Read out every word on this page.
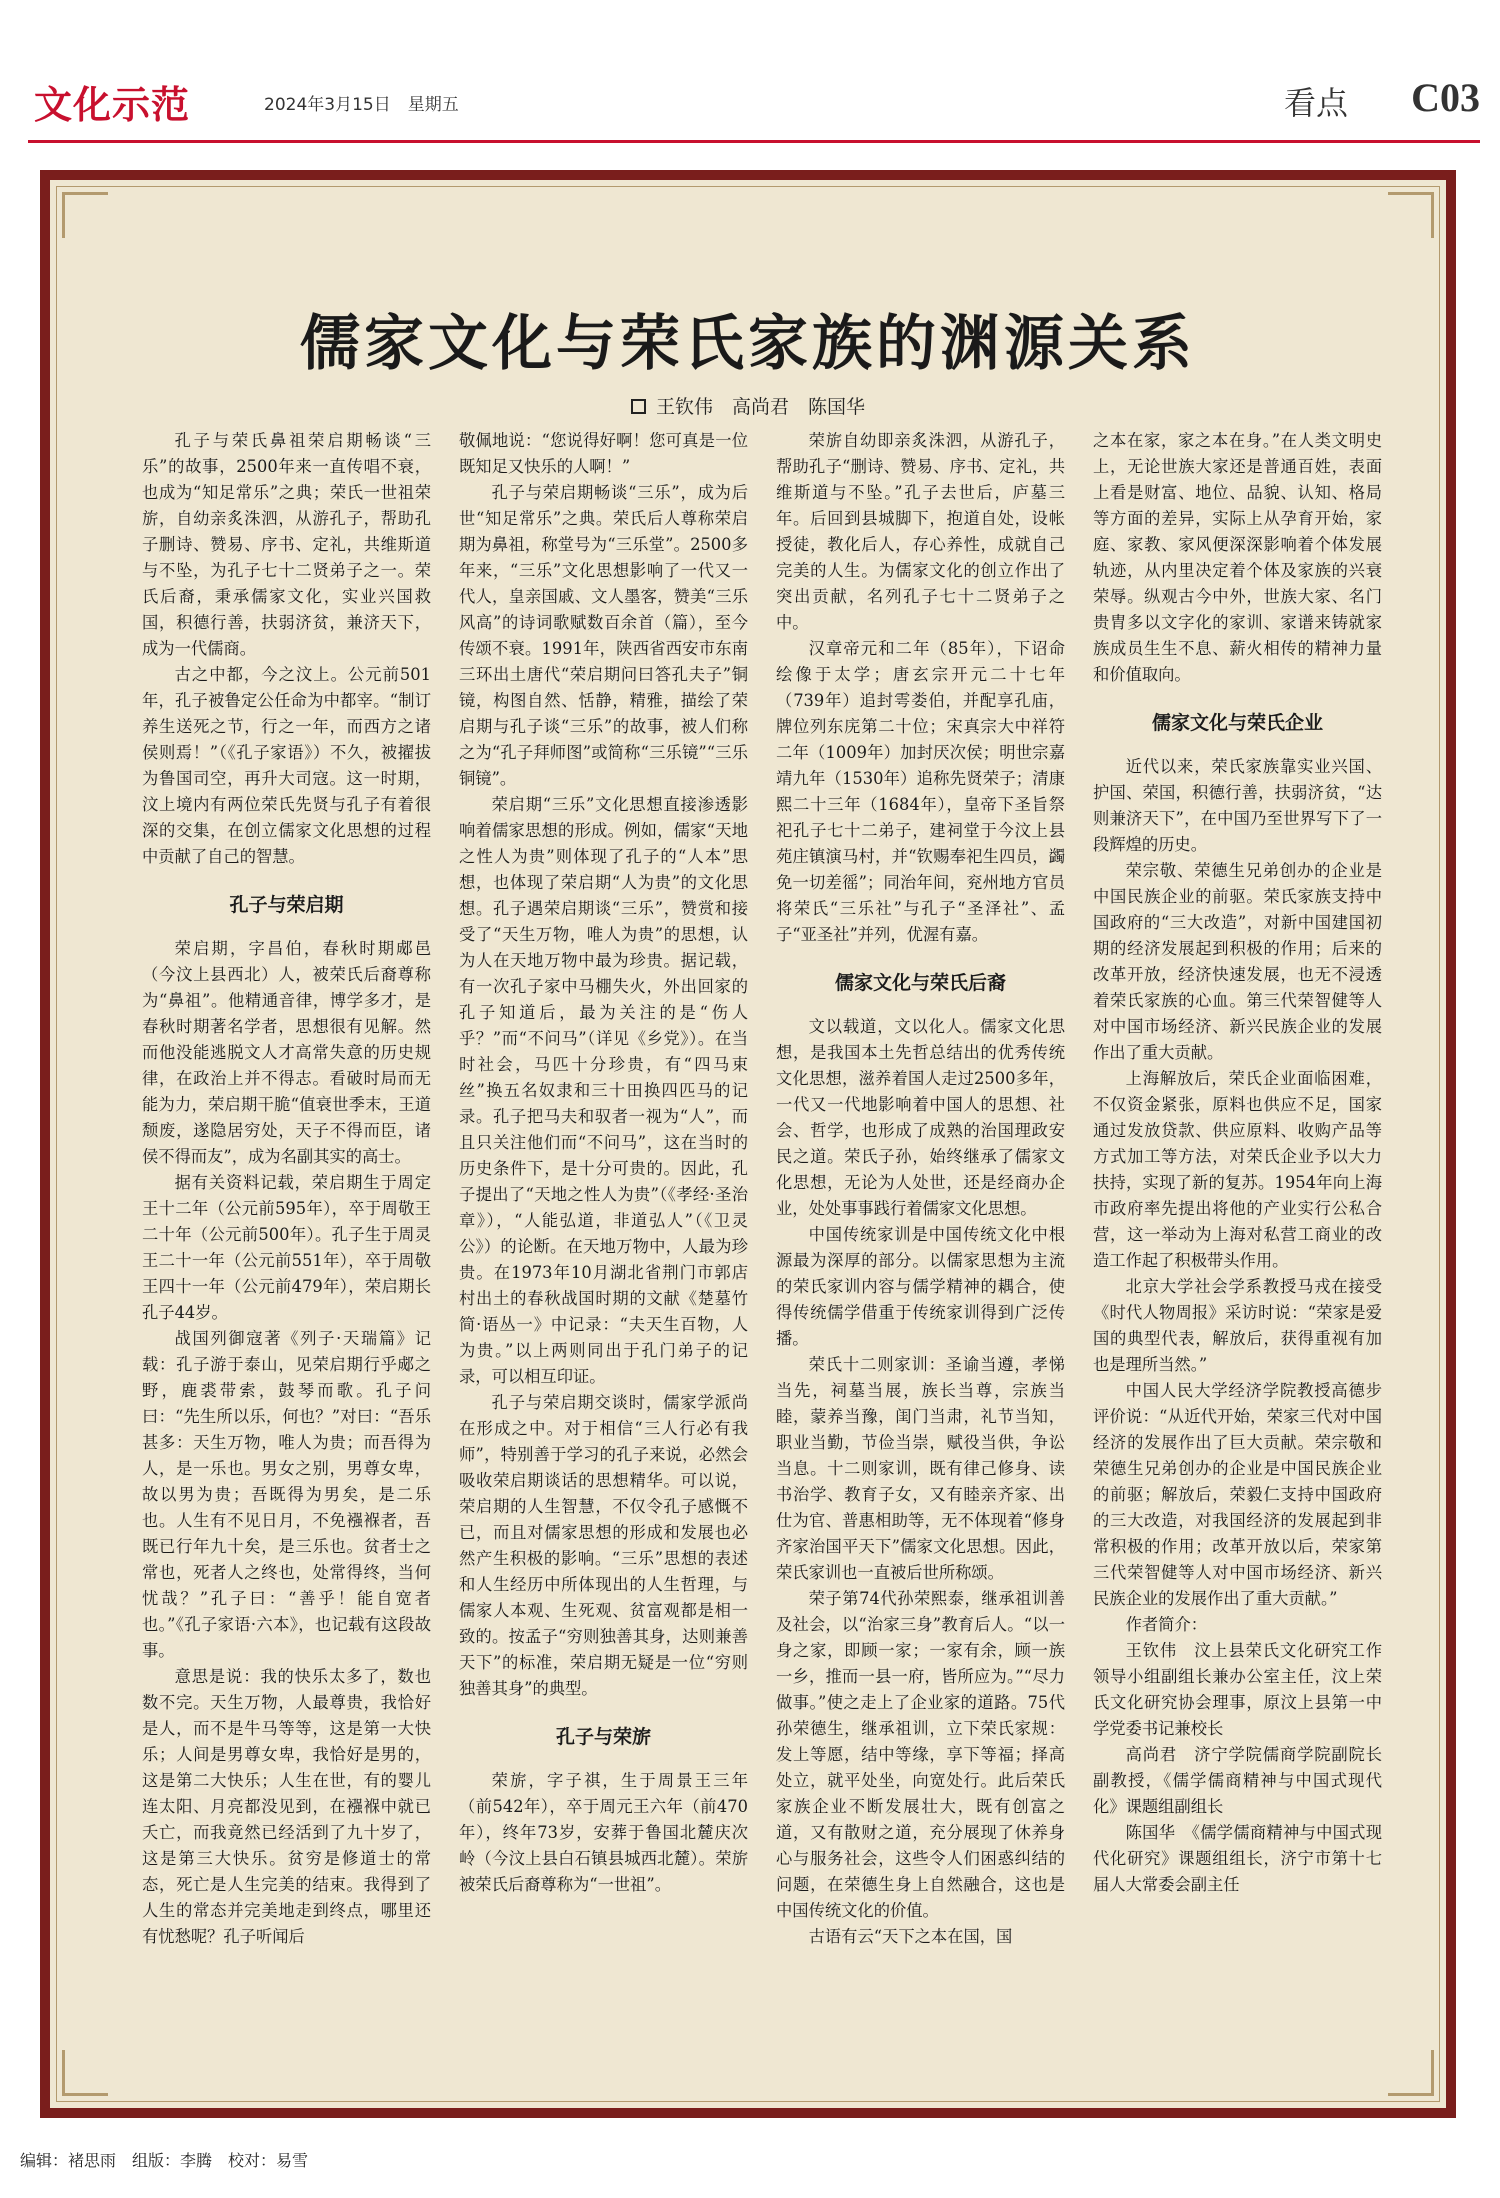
文化示范	2024年3月15日　星期五	看点 C03
儒家文化与荣氏家族的渊源关系
王钦伟　高尚君　陈国华

孔子与荣氏鼻祖荣启期畅谈“三乐”的故事，2500年来一直传唱不衰，也成为“知足常乐”之典；荣氏一世祖荣旂，自幼亲炙洙泗，从游孔子，帮助孔子删诗、赞易、序书、定礼，共维斯道与不坠，为孔子七十二贤弟子之一。荣氏后裔，秉承儒家文化，实业兴国救国，积德行善，扶弱济贫，兼济天下，成为一代儒商。

古之中都，今之汶上。公元前501年，孔子被鲁定公任命为中都宰。“制订养生送死之节，行之一年，而西方之诸侯则焉！”（《孔子家语》）不久，被擢拔为鲁国司空，再升大司寇。这一时期，汶上境内有两位荣氏先贤与孔子有着很深的交集，在创立儒家文化思想的过程中贡献了自己的智慧。

孔子与荣启期

荣启期，字昌伯，春秋时期郕邑（今汶上县西北）人，被荣氏后裔尊称为“鼻祖”。他精通音律，博学多才，是春秋时期著名学者，思想很有见解。然而他没能逃脱文人才高常失意的历史规律，在政治上并不得志。看破时局而无能为力，荣启期干脆“值衰世季末，王道颓废，遂隐居穷处，天子不得而臣，诸侯不得而友”，成为名副其实的高士。

据有关资料记载，荣启期生于周定王十二年（公元前595年），卒于周敬王二十年（公元前500年）。孔子生于周灵王二十一年（公元前551年），卒于周敬王四十一年（公元前479年），荣启期长孔子44岁。

战国列御寇著《列子·天瑞篇》记载：孔子游于泰山，见荣启期行乎郕之野，鹿裘带索，鼓琴而歌。孔子问曰：“先生所以乐，何也？”对曰：“吾乐甚多：天生万物，唯人为贵；而吾得为人，是一乐也。男女之别，男尊女卑，故以男为贵；吾既得为男矣，是二乐也。人生有不见日月，不免襁褓者，吾既已行年九十矣，是三乐也。贫者士之常也，死者人之终也，处常得终，当何忧哉？”孔子曰：“善乎！能自宽者也。”《孔子家语·六本》，也记载有这段故事。

意思是说：我的快乐太多了，数也数不完。天生万物，人最尊贵，我恰好是人，而不是牛马等等，这是第一大快乐；人间是男尊女卑，我恰好是男的，这是第二大快乐；人生在世，有的婴儿连太阳、月亮都没见到，在襁褓中就已夭亡，而我竟然已经活到了九十岁了，这是第三大快乐。贫穷是修道士的常态，死亡是人生完美的结束。我得到了人生的常态并完美地走到终点，哪里还有忧愁呢？孔子听闻后

敬佩地说：“您说得好啊！您可真是一位既知足又快乐的人啊！”

孔子与荣启期畅谈“三乐”，成为后世“知足常乐”之典。荣氏后人尊称荣启期为鼻祖，称堂号为“三乐堂”。2500多年来，“三乐”文化思想影响了一代又一代人，皇亲国戚、文人墨客，赞美“三乐风高”的诗词歌赋数百余首（篇），至今传颂不衰。1991年，陕西省西安市东南三环出土唐代“荣启期问曰答孔夫子”铜镜，构图自然、恬静，精雅，描绘了荣启期与孔子谈“三乐”的故事，被人们称之为“孔子拜师图”或简称“三乐镜”“三乐铜镜”。

荣启期“三乐”文化思想直接渗透影响着儒家思想的形成。例如，儒家“天地之性人为贵”则体现了孔子的“人本”思想，也体现了荣启期“人为贵”的文化思想。孔子遇荣启期谈“三乐”，赞赏和接受了“天生万物，唯人为贵”的思想，认为人在天地万物中最为珍贵。据记载，有一次孔子家中马棚失火，外出回家的孔子知道后，最为关注的是“伤人乎？”而“不问马”（详见《乡党》）。在当时社会，马匹十分珍贵，有“四马束丝”换五名奴隶和三十田换四匹马的记录。孔子把马夫和驭者一视为“人”，而且只关注他们而“不问马”，这在当时的历史条件下，是十分可贵的。因此，孔子提出了“天地之性人为贵”（《孝经·圣治章》），“人能弘道，非道弘人”（《卫灵公》）的论断。在天地万物中，人最为珍贵。在1973年10月湖北省荆门市郭店村出土的春秋战国时期的文献《楚墓竹简·语丛一》中记录：“夫天生百物，人为贵。”以上两则同出于孔门弟子的记录，可以相互印证。

孔子与荣启期交谈时，儒家学派尚在形成之中。对于相信“三人行必有我师”，特别善于学习的孔子来说，必然会吸收荣启期谈话的思想精华。可以说，荣启期的人生智慧，不仅令孔子感慨不已，而且对儒家思想的形成和发展也必然产生积极的影响。“三乐”思想的表述和人生经历中所体现出的人生哲理，与儒家人本观、生死观、贫富观都是相一致的。按孟子“穷则独善其身，达则兼善天下”的标准，荣启期无疑是一位“穷则独善其身”的典型。

孔子与荣旂

荣旂，字子祺，生于周景王三年（前542年），卒于周元王六年（前470年），终年73岁，安葬于鲁国北麓庆次岭（今汶上县白石镇县城西北麓）。荣旂被荣氏后裔尊称为“一世祖”。

荣旂自幼即亲炙洙泗，从游孔子，帮助孔子“删诗、赞易、序书、定礼，共维斯道与不坠。”孔子去世后，庐墓三年。后回到县城脚下，抱道自处，设帐授徒，教化后人，存心养性，成就自己完美的人生。为儒家文化的创立作出了突出贡献，名列孔子七十二贤弟子之中。

汉章帝元和二年（85年），下诏命绘像于太学；唐玄宗开元二十七年（739年）追封雩娄伯，并配享孔庙，牌位列东庑第二十位；宋真宗大中祥符二年（1009年）加封厌次侯；明世宗嘉靖九年（1530年）追称先贤荣子；清康熙二十三年（1684年），皇帝下圣旨祭祀孔子七十二弟子，建祠堂于今汶上县苑庄镇演马村，并“钦赐奉祀生四员，蠲免一切差徭”；同治年间，兖州地方官员将荣氏“三乐社”与孔子“圣泽社”、孟子“亚圣社”并列，优渥有嘉。

儒家文化与荣氏后裔

文以载道，文以化人。儒家文化思想，是我国本土先哲总结出的优秀传统文化思想，滋养着国人走过2500多年，一代又一代地影响着中国人的思想、社会、哲学，也形成了成熟的治国理政安民之道。荣氏子孙，始终继承了儒家文化思想，无论为人处世，还是经商办企业，处处事事践行着儒家文化思想。

中国传统家训是中国传统文化中根源最为深厚的部分。以儒家思想为主流的荣氏家训内容与儒学精神的耦合，使得传统儒学借重于传统家训得到广泛传播。

荣氏十二则家训：圣谕当遵，孝悌当先，祠墓当展，族长当尊，宗族当睦，蒙养当豫，闺门当肃，礼节当知，职业当勤，节俭当崇，赋役当供，争讼当息。十二则家训，既有律己修身、读书治学、教育子女，又有睦亲齐家、出仕为官、普惠相助等，无不体现着“修身齐家治国平天下”儒家文化思想。因此，荣氏家训也一直被后世所称颂。

荣子第74代孙荣熙泰，继承祖训善及社会，以“治家三身”教育后人。“以一身之家，即顾一家；一家有余，顾一族一乡，推而一县一府，皆所应为。”“尽力做事。”使之走上了企业家的道路。75代孙荣德生，继承祖训，立下荣氏家规：发上等愿，结中等缘，享下等福；择高处立，就平处坐，向宽处行。此后荣氏家族企业不断发展壮大，既有创富之道，又有散财之道，充分展现了休养身心与服务社会，这些令人们困惑纠结的问题，在荣德生身上自然融合，这也是中国传统文化的价值。

古语有云“天下之本在国，国

之本在家，家之本在身。”在人类文明史上，无论世族大家还是普通百姓，表面上看是财富、地位、品貌、认知、格局等方面的差异，实际上从孕育开始，家庭、家教、家风便深深影响着个体发展轨迹，从内里决定着个体及家族的兴衰荣辱。纵观古今中外，世族大家、名门贵胄多以文字化的家训、家谱来铸就家族成员生生不息、薪火相传的精神力量和价值取向。

儒家文化与荣氏企业

近代以来，荣氏家族靠实业兴国、护国、荣国，积德行善，扶弱济贫，“达则兼济天下”，在中国乃至世界写下了一段辉煌的历史。

荣宗敬、荣德生兄弟创办的企业是中国民族企业的前驱。荣氏家族支持中国政府的“三大改造”，对新中国建国初期的经济发展起到积极的作用；后来的改革开放，经济快速发展，也无不浸透着荣氏家族的心血。第三代荣智健等人对中国市场经济、新兴民族企业的发展作出了重大贡献。

上海解放后，荣氏企业面临困难，不仅资金紧张，原料也供应不足，国家通过发放贷款、供应原料、收购产品等方式加工等方法，对荣氏企业予以大力扶持，实现了新的复苏。1954年向上海市政府率先提出将他的产业实行公私合营，这一举动为上海对私营工商业的改造工作起了积极带头作用。

北京大学社会学系教授马戎在接受《时代人物周报》采访时说：“荣家是爱国的典型代表，解放后，获得重视有加也是理所当然。”

中国人民大学经济学院教授高德步评价说：“从近代开始，荣家三代对中国经济的发展作出了巨大贡献。荣宗敬和荣德生兄弟创办的企业是中国民族企业的前驱；解放后，荣毅仁支持中国政府的三大改造，对我国经济的发展起到非常积极的作用；改革开放以后，荣家第三代荣智健等人对中国市场经济、新兴民族企业的发展作出了重大贡献。”

作者简介：

王钦伟　汶上县荣氏文化研究工作领导小组副组长兼办公室主任，汶上荣氏文化研究协会理事，原汶上县第一中学党委书记兼校长

高尚君　济宁学院儒商学院副院长副教授，《儒学儒商精神与中国式现代化》课题组副组长

陈国华　《儒学儒商精神与中国式现代化研究》课题组组长，济宁市第十七届人大常委会副主任

编辑：褚思雨　组版：李腾　校对：易雪
